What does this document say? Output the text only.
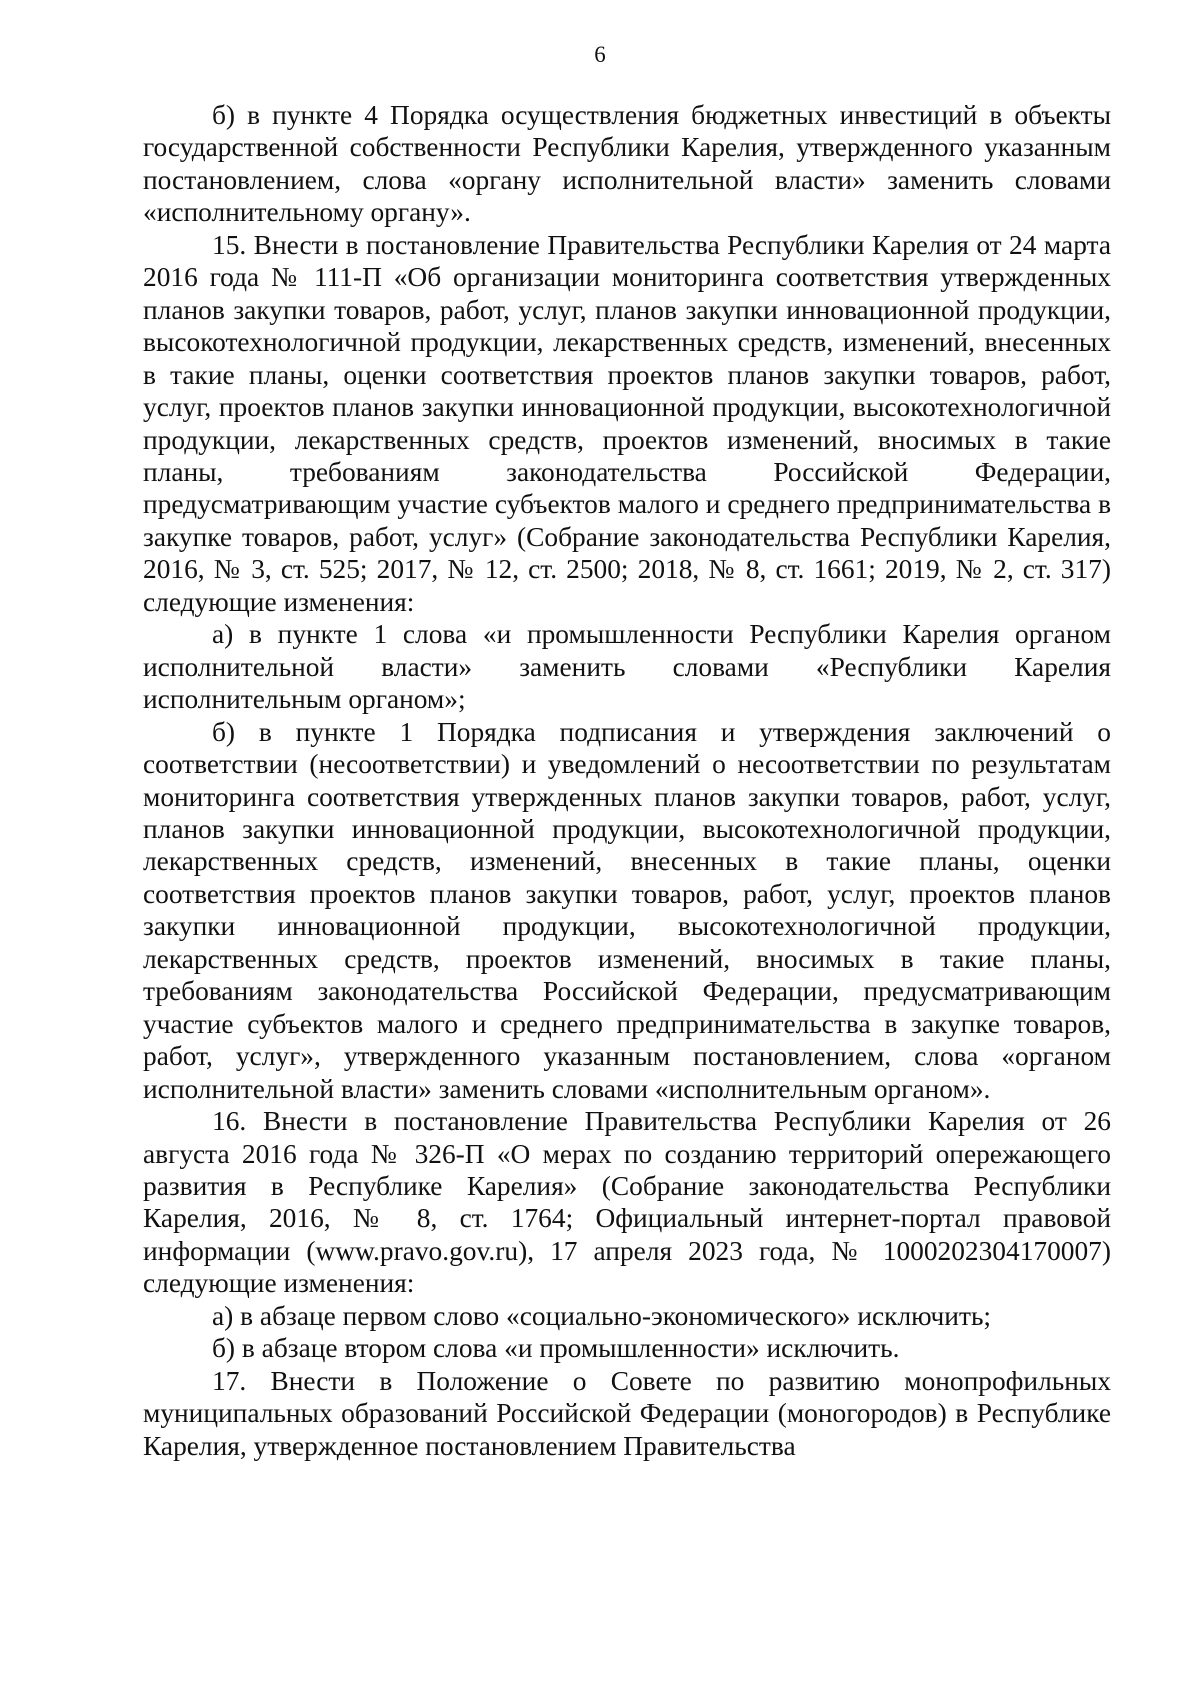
6

б) в пункте 4 Порядка осуществления бюджетных инвестиций в объекты государственной собственности Республики Карелия, утвержденного указанным постановлением, слова «органу исполнительной власти» заменить словами «исполнительному органу».

15. Внести в постановление Правительства Республики Карелия от 24 марта 2016 года № 111-П «Об организации мониторинга соответствия утвержденных планов закупки товаров, работ, услуг, планов закупки инновационной продукции, высокотехнологичной продукции, лекарственных средств, изменений, внесенных в такие планы, оценки соответствия проектов планов закупки товаров, работ, услуг, проектов планов закупки инновационной продукции, высокотехнологичной продукции, лекарственных средств, проектов изменений, вносимых в такие планы, требованиям законодательства Российской Федерации, предусматривающим участие субъектов малого и среднего предпринимательства в закупке товаров, работ, услуг» (Собрание законодательства Республики Карелия, 2016, № 3, ст. 525; 2017, № 12, ст. 2500; 2018, № 8, ст. 1661; 2019, № 2, ст. 317) следующие изменения:

а) в пункте 1 слова «и промышленности Республики Карелия органом исполнительной власти» заменить словами «Республики Карелия исполнительным органом»;

б) в пункте 1 Порядка подписания и утверждения заключений о соответствии (несоответствии) и уведомлений о несоответствии по результатам мониторинга соответствия утвержденных планов закупки товаров, работ, услуг, планов закупки инновационной продукции, высокотехнологичной продукции, лекарственных средств, изменений, внесенных в такие планы, оценки соответствия проектов планов закупки товаров, работ, услуг, проектов планов закупки инновационной продукции, высокотехнологичной продукции, лекарственных средств, проектов изменений, вносимых в такие планы, требованиям законодательства Российской Федерации, предусматривающим участие субъектов малого и среднего предпринимательства в закупке товаров, работ, услуг», утвержденного указанным постановлением, слова «органом исполнительной власти» заменить словами «исполнительным органом».

16. Внести в постановление Правительства Республики Карелия от 26 августа 2016 года № 326-П «О мерах по созданию территорий опережающего развития в Республике Карелия» (Собрание законодательства Республики Карелия, 2016, № 8, ст. 1764; Официальный интернет-портал правовой информации (www.pravo.gov.ru), 17 апреля 2023 года, № 1000202304170007) следующие изменения:

а) в абзаце первом слово «социально-экономического» исключить;

б) в абзаце втором слова «и промышленности» исключить.

17. Внести в Положение о Совете по развитию монопрофильных муниципальных образований Российской Федерации (моногородов) в Республике Карелия, утвержденное постановлением Правительства
